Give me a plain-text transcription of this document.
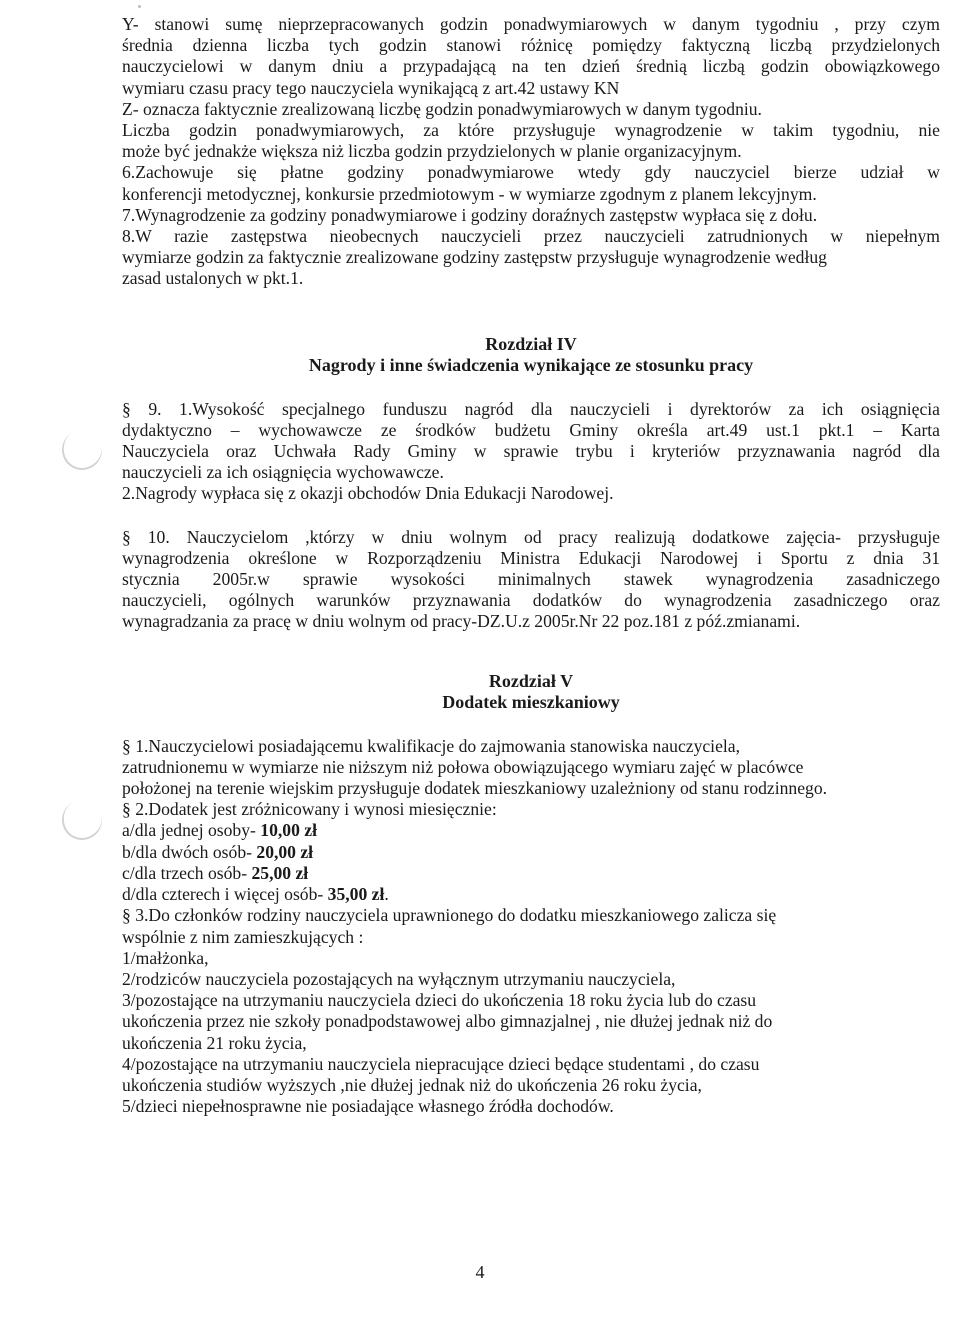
Y- stanowi sumę nieprzepracowanych godzin ponadwymiarowych w danym tygodniu , przy czym
średnia dzienna liczba tych godzin stanowi różnicę pomiędzy faktyczną liczbą przydzielonych
nauczycielowi w danym dniu a przypadającą na ten dzień średnią liczbą godzin obowiązkowego
wymiaru czasu pracy tego nauczyciela wynikającą z art.42 ustawy KN
Z- oznacza faktycznie zrealizowaną liczbę godzin ponadwymiarowych w danym tygodniu.
Liczba godzin ponadwymiarowych, za które przysługuje wynagrodzenie w takim tygodniu, nie
może być jednakże większa niż liczba godzin przydzielonych w planie organizacyjnym.
6.Zachowuje się płatne godziny ponadwymiarowe wtedy gdy nauczyciel bierze udział w
konferencji metodycznej, konkursie przedmiotowym - w wymiarze zgodnym z planem lekcyjnym.
7.Wynagrodzenie za godziny ponadwymiarowe i godziny doraźnych zastępstw wypłaca się z dołu.
8.W razie zastępstwa nieobecnych nauczycieli przez nauczycieli zatrudnionych w niepełnym
wymiarze godzin za faktycznie zrealizowane godziny zastępstw przysługuje wynagrodzenie według
zasad ustalonych w pkt.1.
Rozdział IV
Nagrody i inne świadczenia wynikające ze stosunku pracy
§ 9. 1.Wysokość specjalnego funduszu nagród dla nauczycieli i dyrektorów za ich osiągnięcia
dydaktyczno – wychowawcze ze środków budżetu Gminy określa art.49 ust.1 pkt.1 – Karta
Nauczyciela oraz Uchwała Rady Gminy w sprawie trybu i kryteriów przyznawania nagród dla
nauczycieli za ich osiągnięcia wychowawcze.
2.Nagrody wypłaca się z okazji obchodów Dnia Edukacji Narodowej.
§ 10. Nauczycielom ,którzy w dniu wolnym od pracy realizują dodatkowe zajęcia- przysługuje
wynagrodzenia określone w Rozporządzeniu Ministra Edukacji Narodowej i Sportu z dnia 31
stycznia 2005r.w sprawie wysokości minimalnych stawek wynagrodzenia zasadniczego
nauczycieli, ogólnych warunków przyznawania dodatków do wynagrodzenia zasadniczego oraz
wynagradzania za pracę w dniu wolnym od pracy-DZ.U.z 2005r.Nr 22 poz.181 z póź.zmianami.
Rozdział V
Dodatek mieszkaniowy
§ 1.Nauczycielowi posiadającemu kwalifikacje do zajmowania stanowiska nauczyciela,
zatrudnionemu w wymiarze nie niższym niż połowa obowiązującego wymiaru zajęć w placówce
położonej na terenie wiejskim przysługuje dodatek mieszkaniowy uzależniony od stanu rodzinnego.
§ 2.Dodatek jest zróżnicowany i wynosi miesięcznie:
a/dla jednej osoby- 10,00 zł
b/dla dwóch osób- 20,00 zł
c/dla trzech osób- 25,00 zł
d/dla czterech i więcej osób- 35,00 zł.
§ 3.Do członków rodziny nauczyciela uprawnionego do dodatku mieszkaniowego zalicza się
wspólnie z nim zamieszkujących :
1/małżonka,
2/rodziców nauczyciela pozostających na wyłącznym utrzymaniu nauczyciela,
3/pozostające na utrzymaniu nauczyciela dzieci do ukończenia 18 roku życia lub do czasu
ukończenia przez nie szkoły ponadpodstawowej albo gimnazjalnej , nie dłużej jednak niż do
ukończenia 21 roku życia,
4/pozostające na utrzymaniu nauczyciela niepracujące dzieci będące studentami , do czasu
ukończenia studiów wyższych ,nie dłużej jednak niż do ukończenia 26 roku życia,
5/dzieci niepełnosprawne nie posiadające własnego źródła dochodów.
4
